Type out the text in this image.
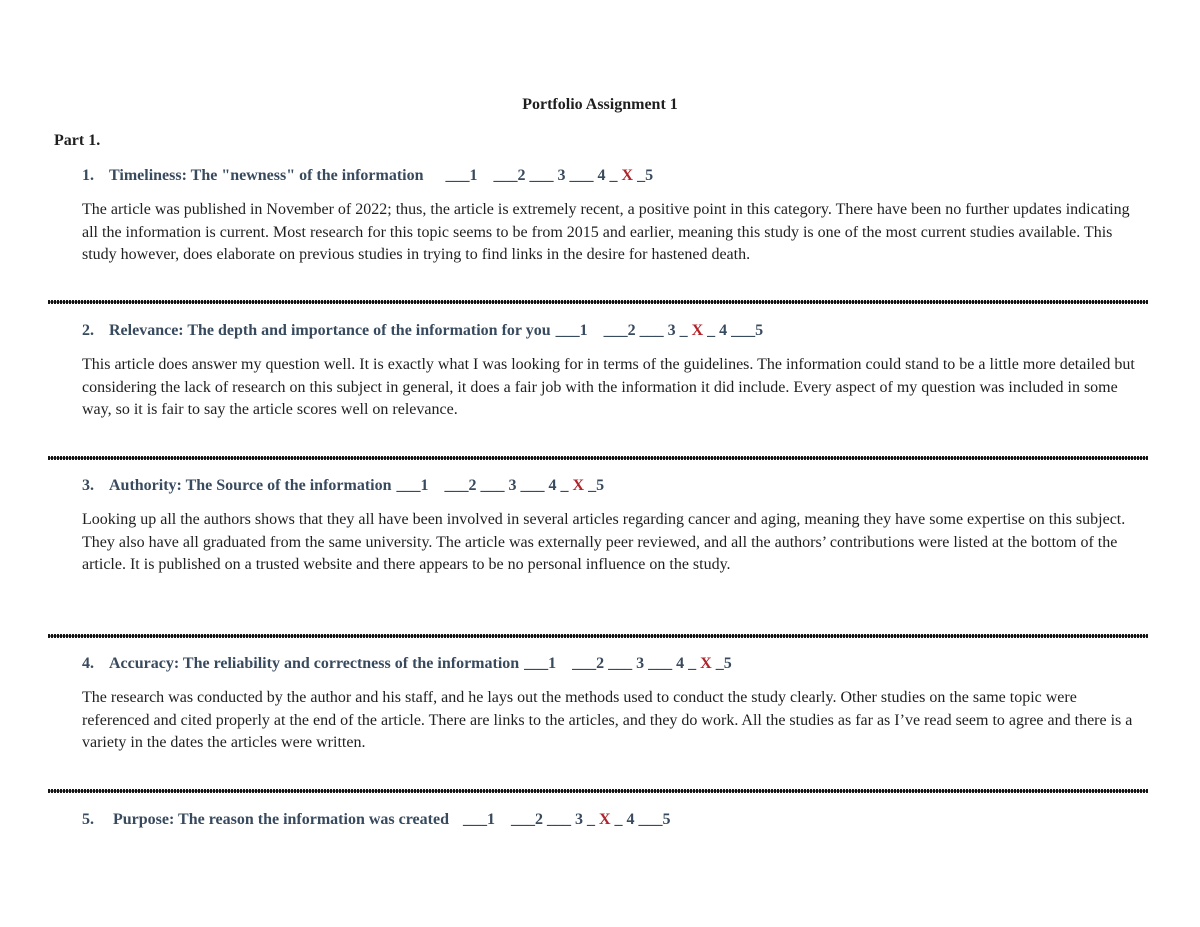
Portfolio Assignment 1
Part 1.
1. Timeliness: The "newness" of the information ___1    ___2 ___ 3 ___ 4 _ X _5
The article was published in November of 2022; thus, the article is extremely recent, a positive point in this category. There have been no further updates indicating all the information is current. Most research for this topic seems to be from 2015 and earlier, meaning this study is one of the most current studies available. This study however, does elaborate on previous studies in trying to find links in the desire for hastened death.
2. Relevance: The depth and importance of the information for you ___1    ___2 ___ 3 _ X _ 4 ___5
This article does answer my question well. It is exactly what I was looking for in terms of the guidelines. The information could stand to be a little more detailed but considering the lack of research on this subject in general, it does a fair job with the information it did include. Every aspect of my question was included in some way, so it is fair to say the article scores well on relevance.
3. Authority: The Source of the information ___1    ___2 ___ 3 ___ 4 _ X _5
Looking up all the authors shows that they all have been involved in several articles regarding cancer and aging, meaning they have some expertise on this subject. They also have all graduated from the same university. The article was externally peer reviewed, and all the authors’ contributions were listed at the bottom of the article. It is published on a trusted website and there appears to be no personal influence on the study.
4. Accuracy: The reliability and correctness of the information ___1    ___2 ___ 3 ___ 4 _ X _5
The research was conducted by the author and his staff, and he lays out the methods used to conduct the study clearly. Other studies on the same topic were referenced and cited properly at the end of the article. There are links to the articles, and they do work. All the studies as far as I’ve read seem to agree and there is a variety in the dates the articles were written.
5. Purpose: The reason the information was created ___1    ___2 ___ 3 _ X _ 4 ___5
